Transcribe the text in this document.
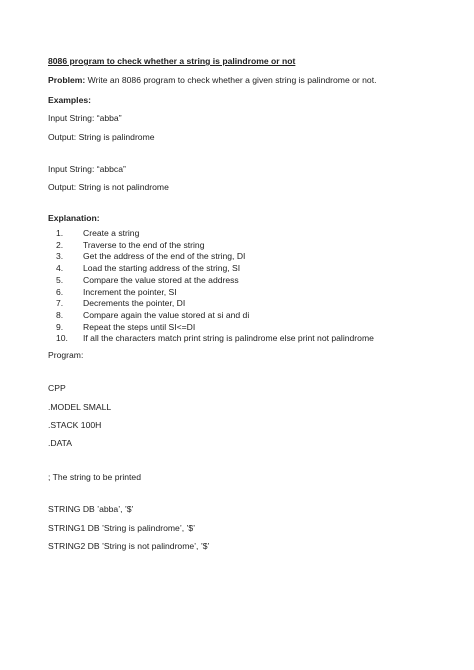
8086 program to check whether a string is palindrome or not
Problem: Write an 8086 program to check whether a given string is palindrome or not.
Examples:
Input String: “abba”
Output: String is palindrome
Input String: “abbca”
Output: String is not palindrome
Explanation:
1.	Create a string
2.	Traverse to the end of the string
3.	Get the address of the end of the string, DI
4.	Load the starting address of the string, SI
5.	Compare the value stored at the address
6.	Increment the pointer, SI
7.	Decrements the pointer, DI
8.	Compare again the value stored at si and di
9.	Repeat the steps until SI<=DI
10.	If all the characters match print string is palindrome else print not palindrome
Program:
CPP
.MODEL SMALL
.STACK 100H
.DATA
; The string to be printed
STRING DB ’abba’, ’$’
STRING1 DB ’String is palindrome’, ’$’
STRING2 DB ’String is not palindrome’, ’$’
